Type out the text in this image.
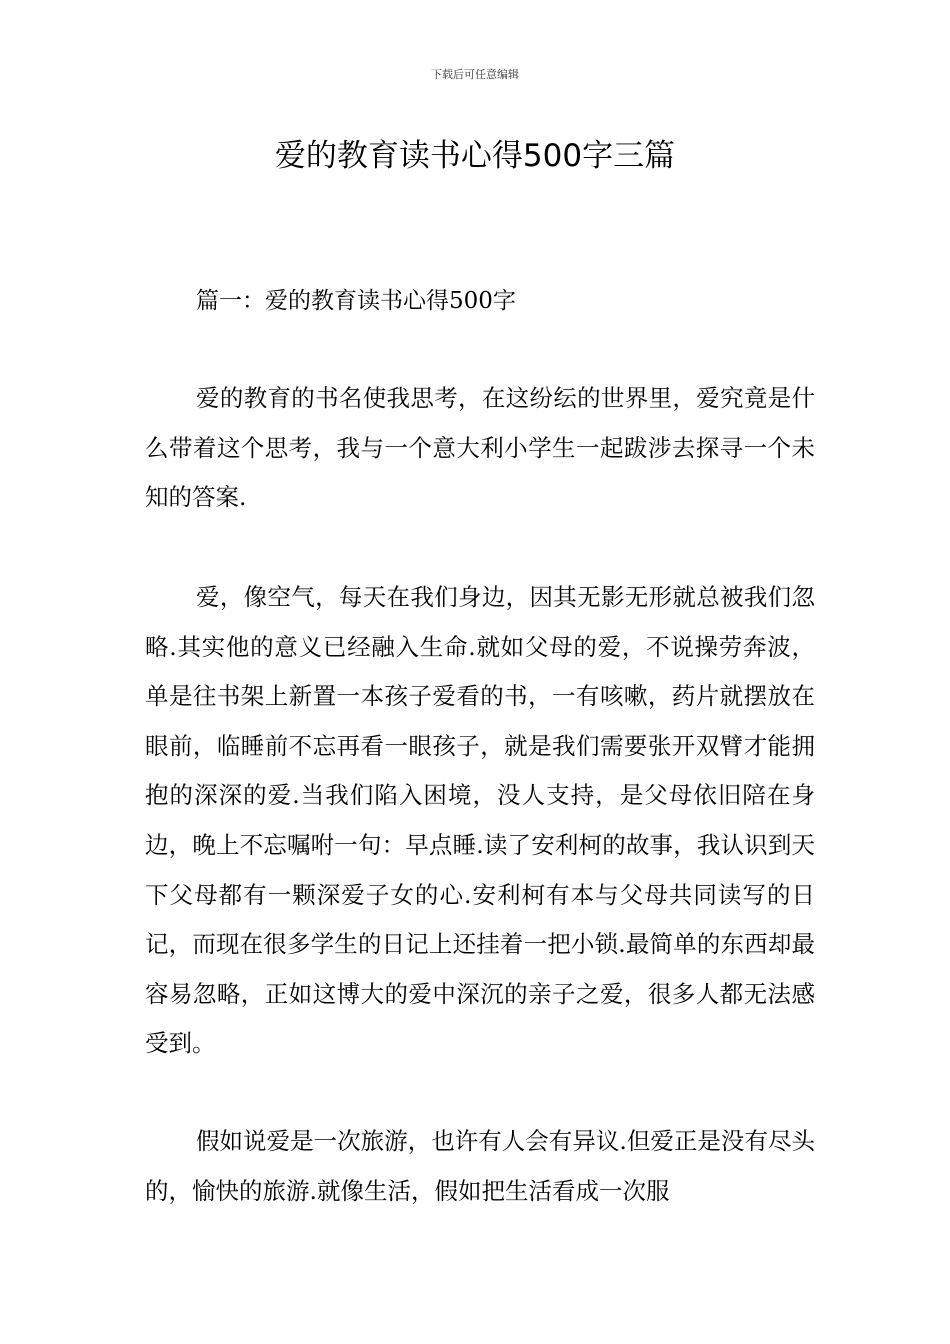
下载后可任意编辑
爱的教育读书心得500字三篇
篇一：爱的教育读书心得500字

爱的教育的书名使我思考，在这纷纭的世界里，爱究竟是什么带着这个思考，我与一个意大利小学生一起跋涉去探寻一个未知的答案.

爱，像空气，每天在我们身边，因其无影无形就总被我们忽略.其实他的意义已经融入生命.就如父母的爱，不说操劳奔波，单是往书架上新置一本孩子爱看的书，一有咳嗽，药片就摆放在眼前，临睡前不忘再看一眼孩子，就是我们需要张开双臂才能拥抱的深深的爱.当我们陷入困境，没人支持，是父母依旧陪在身边，晚上不忘嘱咐一句：早点睡.读了安利柯的故事，我认识到天下父母都有一颗深爱子女的心.安利柯有本与父母共同读写的日记，而现在很多学生的日记上还挂着一把小锁.最简单的东西却最容易忽略，正如这博大的爱中深沉的亲子之爱，很多人都无法感受到。

假如说爱是一次旅游，也许有人会有异议.但爱正是没有尽头的，愉快的旅游.就像生活，假如把生活看成一次服
